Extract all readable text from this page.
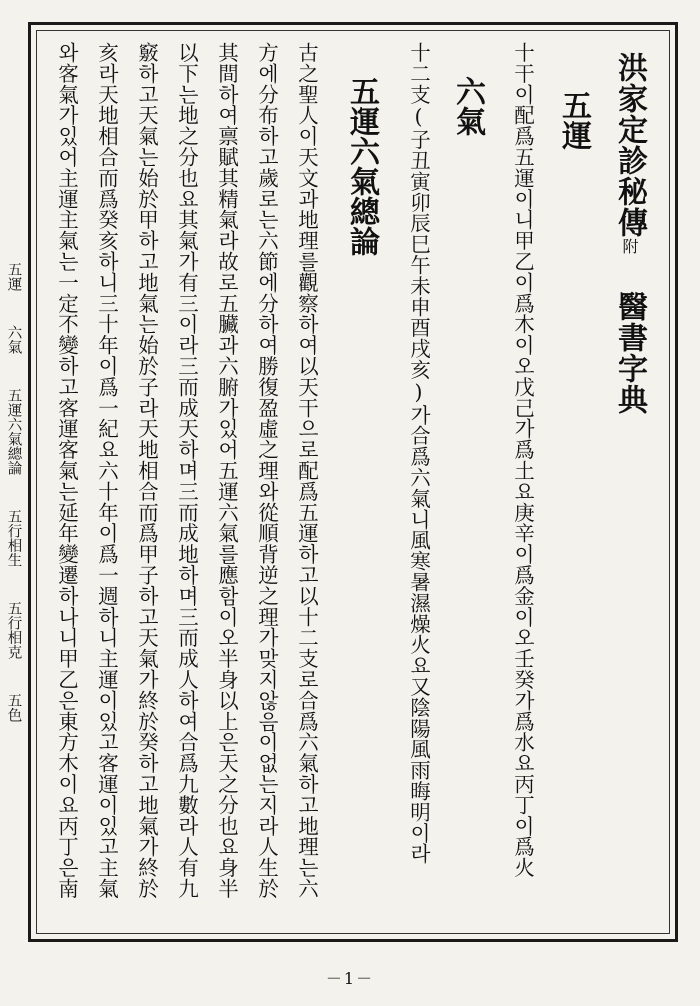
洪家定診秘傳附 醫書字典
五運
十干이配爲五運이니甲乙이爲木이오戊己가爲土요庚辛이爲金이오壬癸가爲水요丙丁이爲火
六氣
十二支(子丑寅卯辰巳午未申酉戌亥)가合爲六氣니風寒暑濕燥火요又陰陽風雨晦明이라
五運六氣總論
古之聖人이天文과地理를觀察하여以天干으로配爲五運하고以十二支로合爲六氣하고地理는六
方에分布하고歲로는六節에分하여勝復盈虛之理와從順背逆之理가맞지않음이없는지라人生於
其間하여禀賦其精氣라故로五臟과六腑가있어五運六氣를應함이오半身以上은天之分也요身半
以下는地之分也요其氣가有三이라三而成天하며三而成地하며三而成人하여合爲九數라人有九
竅하고天氣는始於甲하고地氣는始於子라天地相合而爲甲子하고天氣가終於癸하고地氣가終於
亥라天地相合而爲癸亥하니三十年이爲一紀요六十年이爲一週하니主運이있고客運이있고主氣
와客氣가있어主運主氣는一定不變하고客運客氣는延年變遷하나니甲乙은東方木이요丙丁은南
五運 六氣 五運六氣總論 五行相生 五行相克 五色
－1－
